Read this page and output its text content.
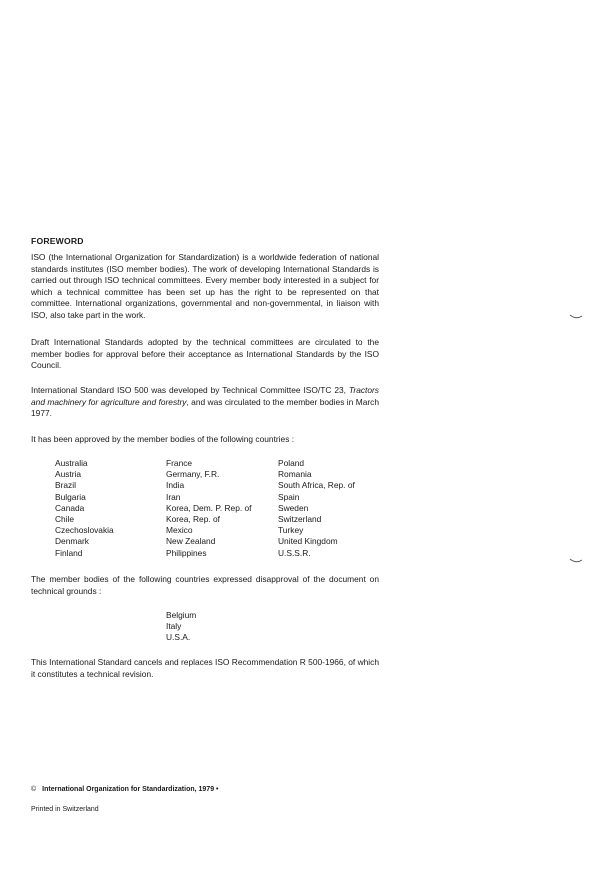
FOREWORD
ISO (the International Organization for Standardization) is a worldwide federation of national standards institutes (ISO member bodies). The work of developing International Standards is carried out through ISO technical committees. Every member body interested in a subject for which a technical committee has been set up has the right to be represented on that committee. International organizations, governmental and non-governmental, in liaison with ISO, also take part in the work.
Draft International Standards adopted by the technical committees are circulated to the member bodies for approval before their acceptance as International Standards by the ISO Council.
International Standard ISO 500 was developed by Technical Committee ISO/TC 23, Tractors and machinery for agriculture and forestry, and was circulated to the member bodies in March 1977.
It has been approved by the member bodies of the following countries :
Australia
Austria
Brazil
Bulgaria
Canada
Chile
Czechoslovakia
Denmark
Finland
France
Germany, F.R.
India
Iran
Korea, Dem. P. Rep. of
Korea, Rep. of
Mexico
New Zealand
Philippines
Poland
Romania
South Africa, Rep. of
Spain
Sweden
Switzerland
Turkey
United Kingdom
U.S.S.R.
The member bodies of the following countries expressed disapproval of the document on technical grounds :
Belgium
Italy
U.S.A.
This International Standard cancels and replaces ISO Recommendation R 500-1966, of which it constitutes a technical revision.
© International Organization for Standardization, 1979 •
Printed in Switzerland
